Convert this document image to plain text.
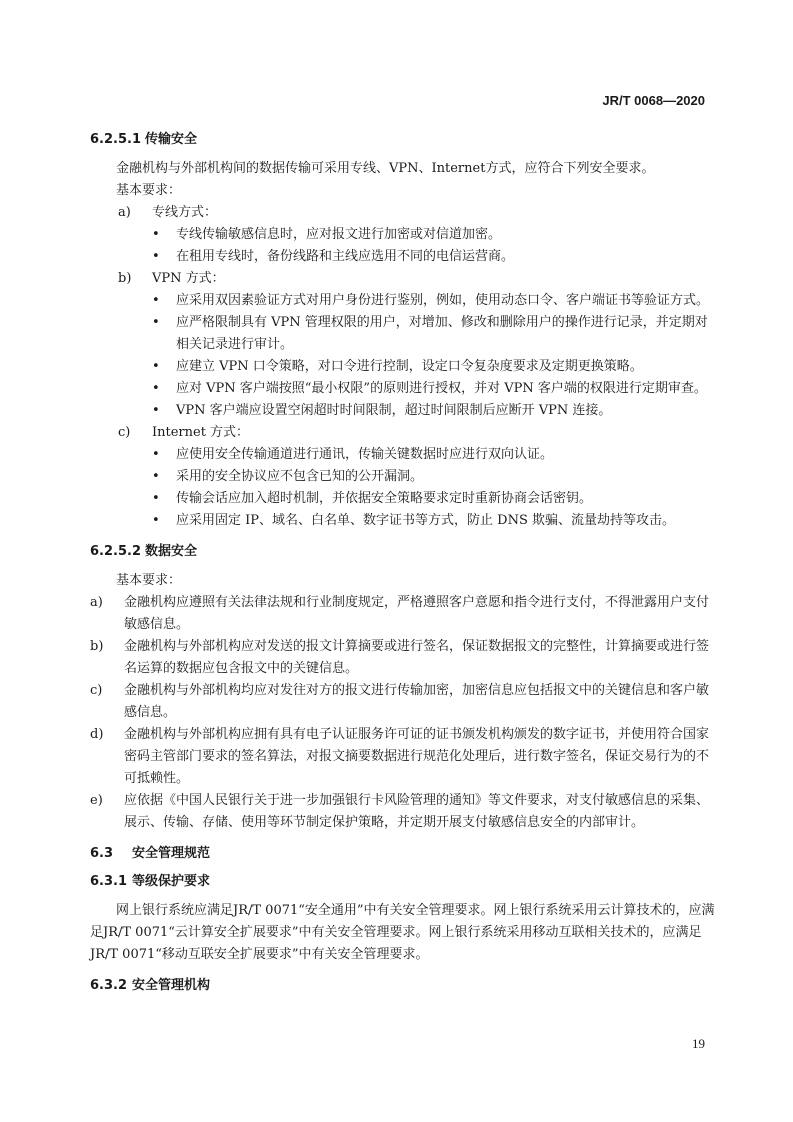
JR/T 0068—2020
6.2.5.1 传输安全

金融机构与外部机构间的数据传输可采用专线、VPN、Internet方式，应符合下列安全要求。

基本要求：

a)	专线方式：
• 专线传输敏感信息时，应对报文进行加密或对信道加密。
• 在租用专线时，备份线路和主线应选用不同的电信运营商。
b)	VPN 方式：
• 应采用双因素验证方式对用户身份进行鉴别，例如，使用动态口令、客户端证书等验证方式。
• 应严格限制具有 VPN 管理权限的用户，对增加、修改和删除用户的操作进行记录，并定期对相关记录进行审计。
• 应建立 VPN 口令策略，对口令进行控制，设定口令复杂度要求及定期更换策略。
• 应对 VPN 客户端按照“最小权限”的原则进行授权，并对 VPN 客户端的权限进行定期审查。
• VPN 客户端应设置空闲超时时间限制，超过时间限制后应断开 VPN 连接。
c)	Internet 方式：
• 应使用安全传输通道进行通讯，传输关键数据时应进行双向认证。
• 采用的安全协议应不包含已知的公开漏洞。
• 传输会话应加入超时机制，并依据安全策略要求定时重新协商会话密钥。
• 应采用固定 IP、域名、白名单、数字证书等方式，防止 DNS 欺骗、流量劫持等攻击。
6.2.5.2 数据安全

基本要求：

a)	金融机构应遵照有关法律法规和行业制度规定，严格遵照客户意愿和指令进行支付，不得泄露用户支付敏感信息。
b)	金融机构与外部机构应对发送的报文计算摘要或进行签名，保证数据报文的完整性，计算摘要或进行签名运算的数据应包含报文中的关键信息。
c)	金融机构与外部机构均应对发往对方的报文进行传输加密，加密信息应包括报文中的关键信息和客户敏感信息。
d)	金融机构与外部机构应拥有具有电子认证服务许可证的证书颁发机构颁发的数字证书，并使用符合国家密码主管部门要求的签名算法，对报文摘要数据进行规范化处理后，进行数字签名，保证交易行为的不可抵赖性。
e)	应依据《中国人民银行关于进一步加强银行卡风险管理的通知》等文件要求，对支付敏感信息的采集、展示、传输、存储、使用等环节制定保护策略，并定期开展支付敏感信息安全的内部审计。
6.3 安全管理规范
6.3.1 等级保护要求

网上银行系统应满足JR/T 0071“安全通用”中有关安全管理要求。网上银行系统采用云计算技术的，应满足JR/T 0071“云计算安全扩展要求”中有关安全管理要求。网上银行系统采用移动互联相关技术的，应满足JR/T 0071“移动互联安全扩展要求”中有关安全管理要求。

6.3.2 安全管理机构
19
